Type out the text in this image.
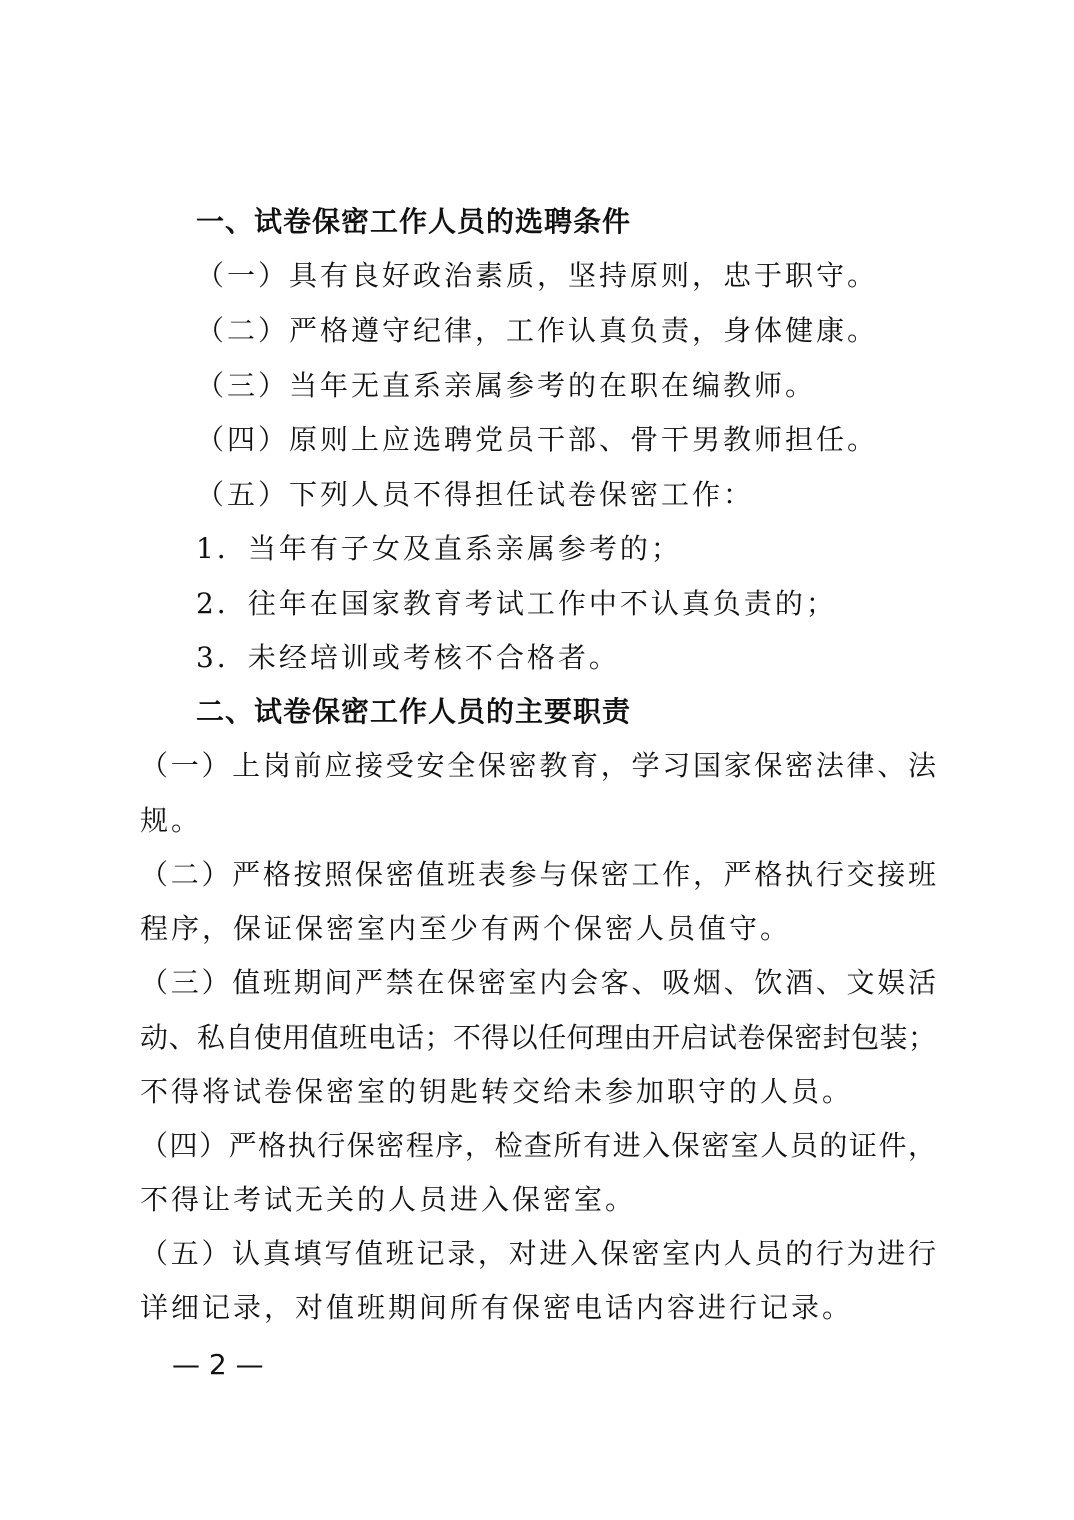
一、试卷保密工作人员的选聘条件
（一）具有良好政治素质，坚持原则，忠于职守。
（二）严格遵守纪律，工作认真负责，身体健康。
（三）当年无直系亲属参考的在职在编教师。
（四）原则上应选聘党员干部、骨干男教师担任。
（五）下列人员不得担任试卷保密工作：
1．当年有子女及直系亲属参考的；
2．往年在国家教育考试工作中不认真负责的；
3．未经培训或考核不合格者。
二、试卷保密工作人员的主要职责
（一）上岗前应接受安全保密教育，学习国家保密法律、法
规。
（二）严格按照保密值班表参与保密工作，严格执行交接班
程序，保证保密室内至少有两个保密人员值守。
（三）值班期间严禁在保密室内会客、吸烟、饮酒、文娱活
动、私自使用值班电话；不得以任何理由开启试卷保密封包装；
不得将试卷保密室的钥匙转交给未参加职守的人员。
（四）严格执行保密程序，检查所有进入保密室人员的证件，
不得让考试无关的人员进入保密室。
（五）认真填写值班记录，对进入保密室内人员的行为进行
详细记录，对值班期间所有保密电话内容进行记录。
— 2 —
